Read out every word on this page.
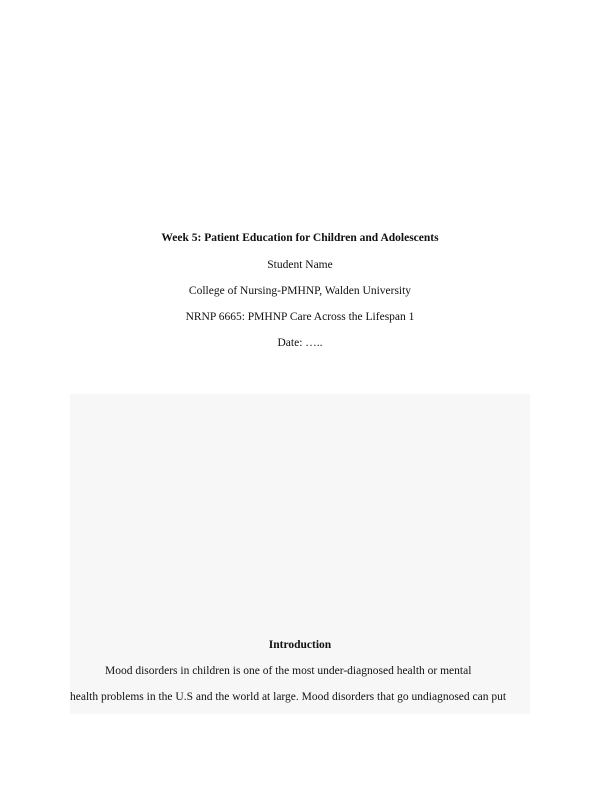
Week 5: Patient Education for Children and Adolescents
Student Name
College of Nursing-PMHNP, Walden University
NRNP 6665: PMHNP Care Across the Lifespan 1
Date: …..
Introduction
Mood disorders in children is one of the most under-diagnosed health or mental
health problems in the U.S and the world at large. Mood disorders that go undiagnosed can put
